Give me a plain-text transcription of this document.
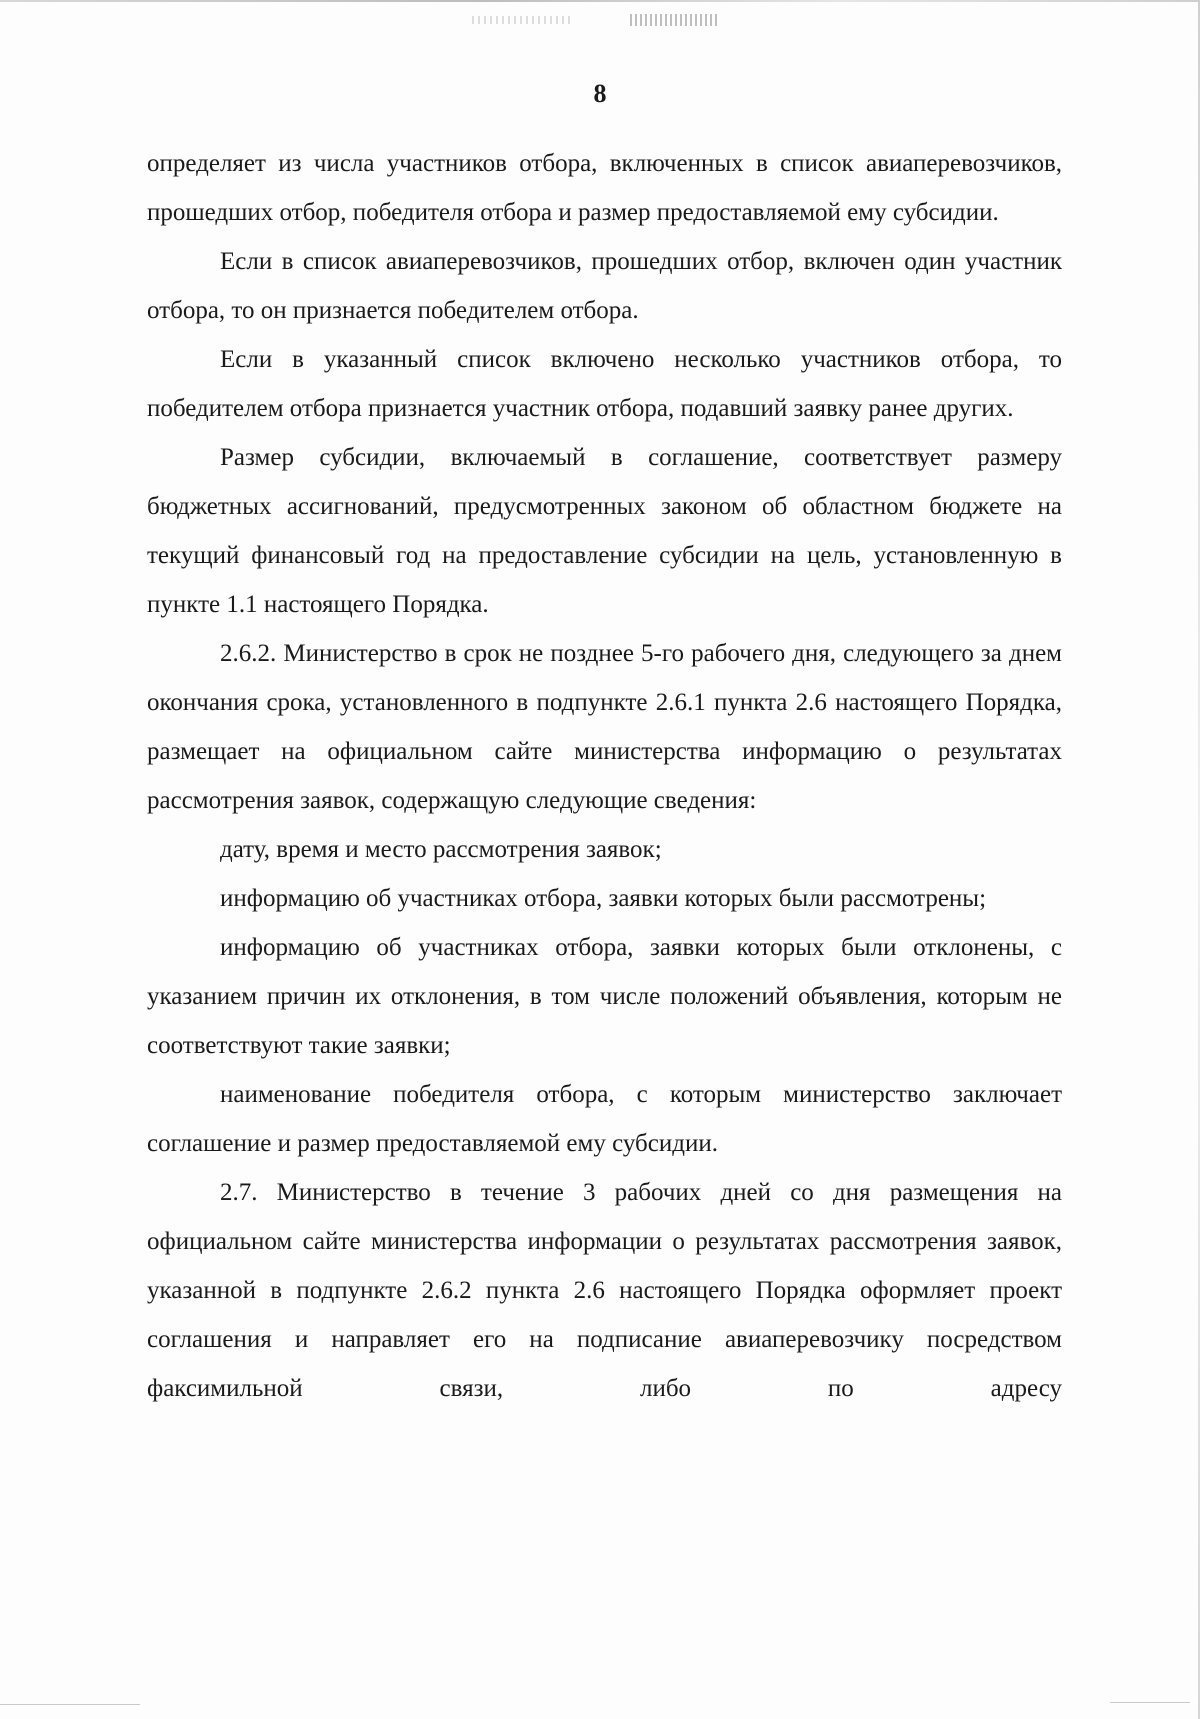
8

определяет из числа участников отбора, включенных в список авиаперевозчиков, прошедших отбор, победителя отбора и размер предоставляемой ему субсидии.

Если в список авиаперевозчиков, прошедших отбор, включен один участник отбора, то он признается победителем отбора.

Если в указанный список включено несколько участников отбора, то победителем отбора признается участник отбора, подавший заявку ранее других.

Размер субсидии, включаемый в соглашение, соответствует размеру бюджетных ассигнований, предусмотренных законом об областном бюджете на текущий финансовый год на предоставление субсидии на цель, установленную в пункте 1.1 настоящего Порядка.

2.6.2. Министерство в срок не позднее 5-го рабочего дня, следующего за днем окончания срока, установленного в подпункте 2.6.1 пункта 2.6 настоящего Порядка, размещает на официальном сайте министерства информацию о результатах рассмотрения заявок, содержащую следующие сведения:

дату, время и место рассмотрения заявок;

информацию об участниках отбора, заявки которых были рассмотрены;

информацию об участниках отбора, заявки которых были отклонены, с указанием причин их отклонения, в том числе положений объявления, которым не соответствуют такие заявки;

наименование победителя отбора, с которым министерство заключает соглашение и размер предоставляемой ему субсидии.

2.7. Министерство в течение 3 рабочих дней со дня размещения на официальном сайте министерства информации о результатах рассмотрения заявок, указанной в подпункте 2.6.2 пункта 2.6 настоящего Порядка оформляет проект соглашения и направляет его на подписание авиаперевозчику посредством факсимильной связи, либо по адресу
